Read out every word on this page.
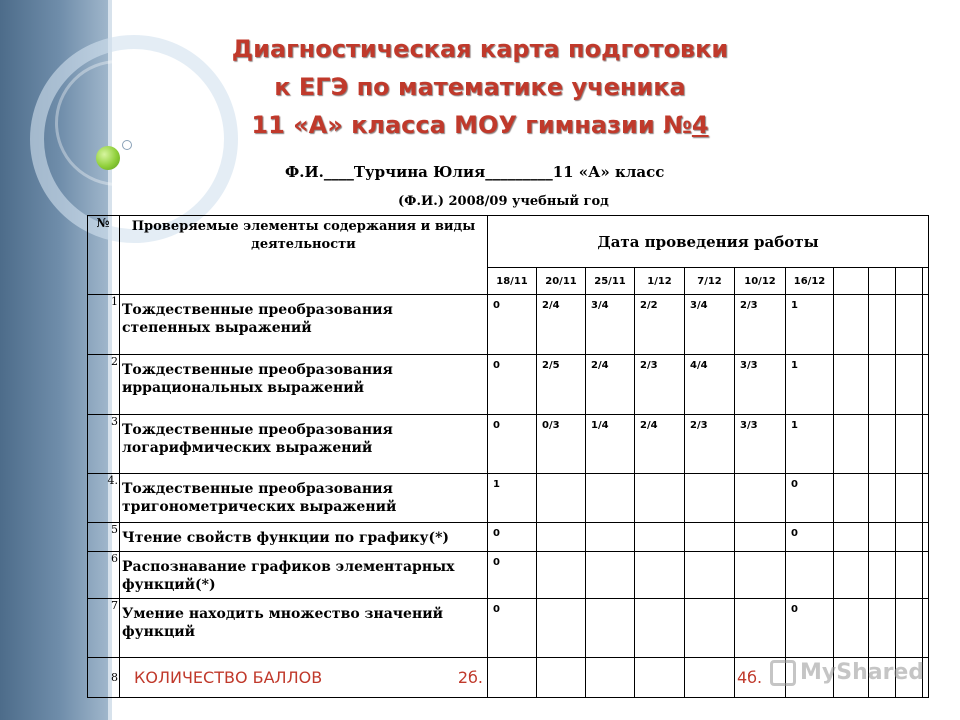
Диагностическая карта подготовки
к ЕГЭ по математике ученика
11 «А» класса МОУ гимназии №4
Ф.И.____Турчина Юлия_________11 «А» класс
(Ф.И.) 2008/09 учебный год
№	Проверяемые элементы содержания и виды деятельности	Дата проведения работы											
		18/11	20/11	25/11	1/12	7/12	10/12	16/12					
1	Тождественные преобразования степенных выражений	0	2/4	3/4	2/2	3/4	2/3	1					
2	Тождественные преобразования иррациональных выражений	0	2/5	2/4	2/3	4/4	3/3	1					
3	Тождественные преобразования логарифмических выражений	0	0/3	1/4	2/4	2/3	3/3	1					
4.	Тождественные преобразования тригонометрических выражений	1						0					
5	Чтение свойств функции по графику(*)	0						0					
6	Распознавание графиков элементарных функций(*)	0											
7	Умение находить множество значений функций	0						0					
8	КОЛИЧЕСТВО БАЛЛОВ 2б.						4б.							MyShared
